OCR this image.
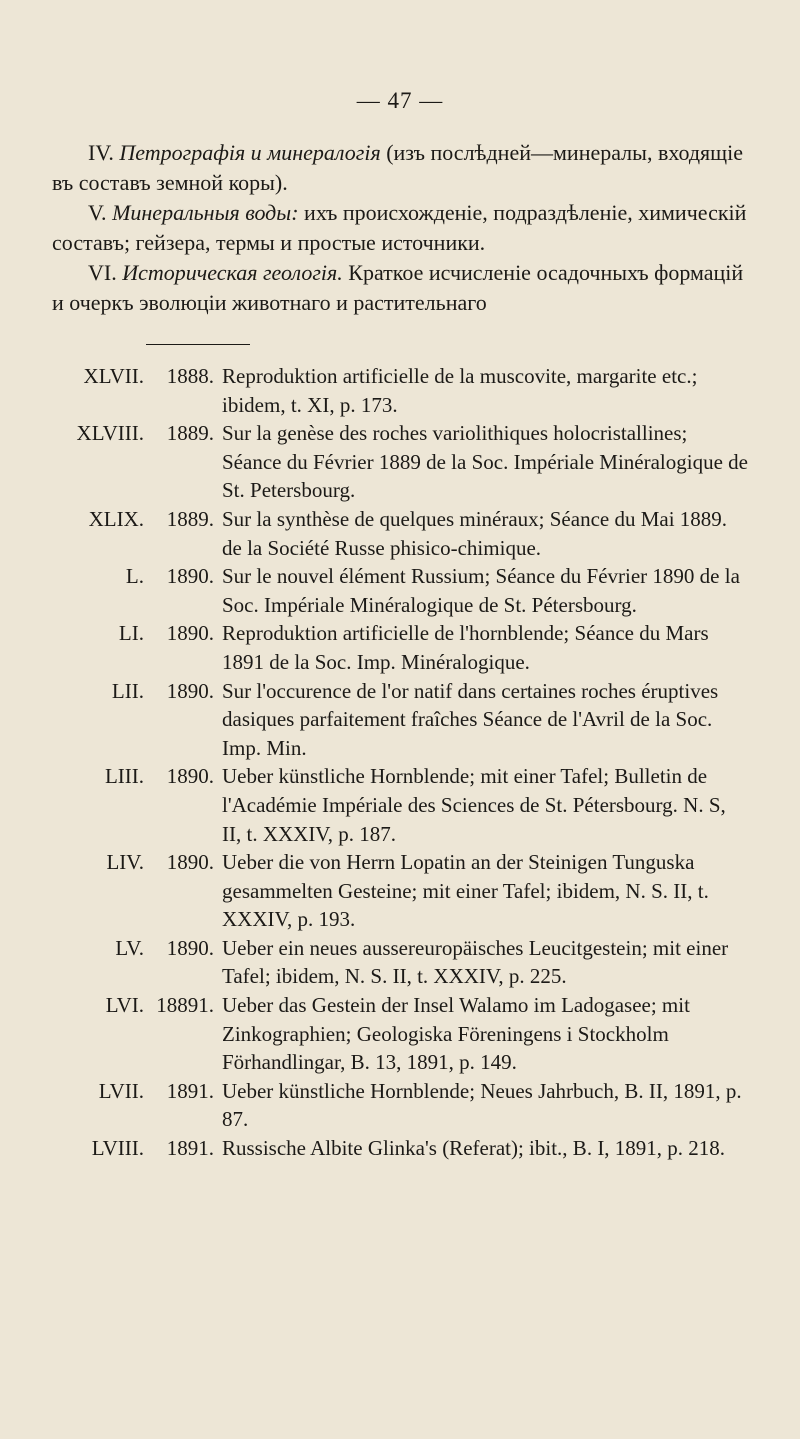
— 47 —

IV. Петрографія и минералогія (изъ послѣдней—минералы, входящіе въ составъ земной коры).

V. Минеральныя воды: ихъ происхожденіе, подраздѣленіе, химическій составъ; гейзера, термы и простые источники.

VI. Историческая геологія. Краткое исчисленіе осадочныхъ формацій и очеркъ эволюціи животнаго и растительнаго

XLVII.	1888. Reproduktion artificielle de la muscovite, margarite etc.; ibidem, t. XI, p. 173.
XLVIII.	1889. Sur la genèse des roches variolithiques holocristallines; Séance du Février 1889 de la Soc. Impériale Minéralogique de St. Petersbourg.
XLIX.	1889. Sur la synthèse de quelques minéraux; Séance du Mai 1889. de la Société Russe phisico-chimique.
L.	1890. Sur le nouvel élément Russium; Séance du Février 1890 de la Soc. Impériale Minéralogique de St. Pétersbourg.
LI.	1890. Reproduktion artificielle de l'hornblende; Séance du Mars 1891 de la Soc. Imp. Minéralogique.
LII.	1890. Sur l'occurence de l'or natif dans certaines roches éruptives dasiques parfaitement fraîches Séance de l'Avril de la Soc. Imp. Min.
LIII.	1890. Ueber künstliche Hornblende; mit einer Tafel; Bulletin de l'Académie Impériale des Sciences de St. Pétersbourg. N. S, II, t. XXXIV, p. 187.
LIV.	1890. Ueber die von Herrn Lopatin an der Steinigen Tunguska gesammelten Gesteine; mit einer Tafel; ibidem, N. S. II, t. XXXIV, p. 193.
LV.	1890. Ueber ein neues aussereuropäisches Leucitgestein; mit einer Tafel; ibidem, N. S. II, t. XXXIV, p. 225.
LVI. 18891. Ueber das Gestein der Insel Walamo im Ladogasee; mit Zinkographien; Geologiska Föreningens i Stockholm Förhandlingar, B. 13, 1891, p. 149.
LVII.	1891. Ueber künstliche Hornblende; Neues Jahrbuch, B. II, 1891, p. 87.
LVIII.	1891. Russische Albite Glinka's (Referat); ibit., B. I, 1891, p. 218.
